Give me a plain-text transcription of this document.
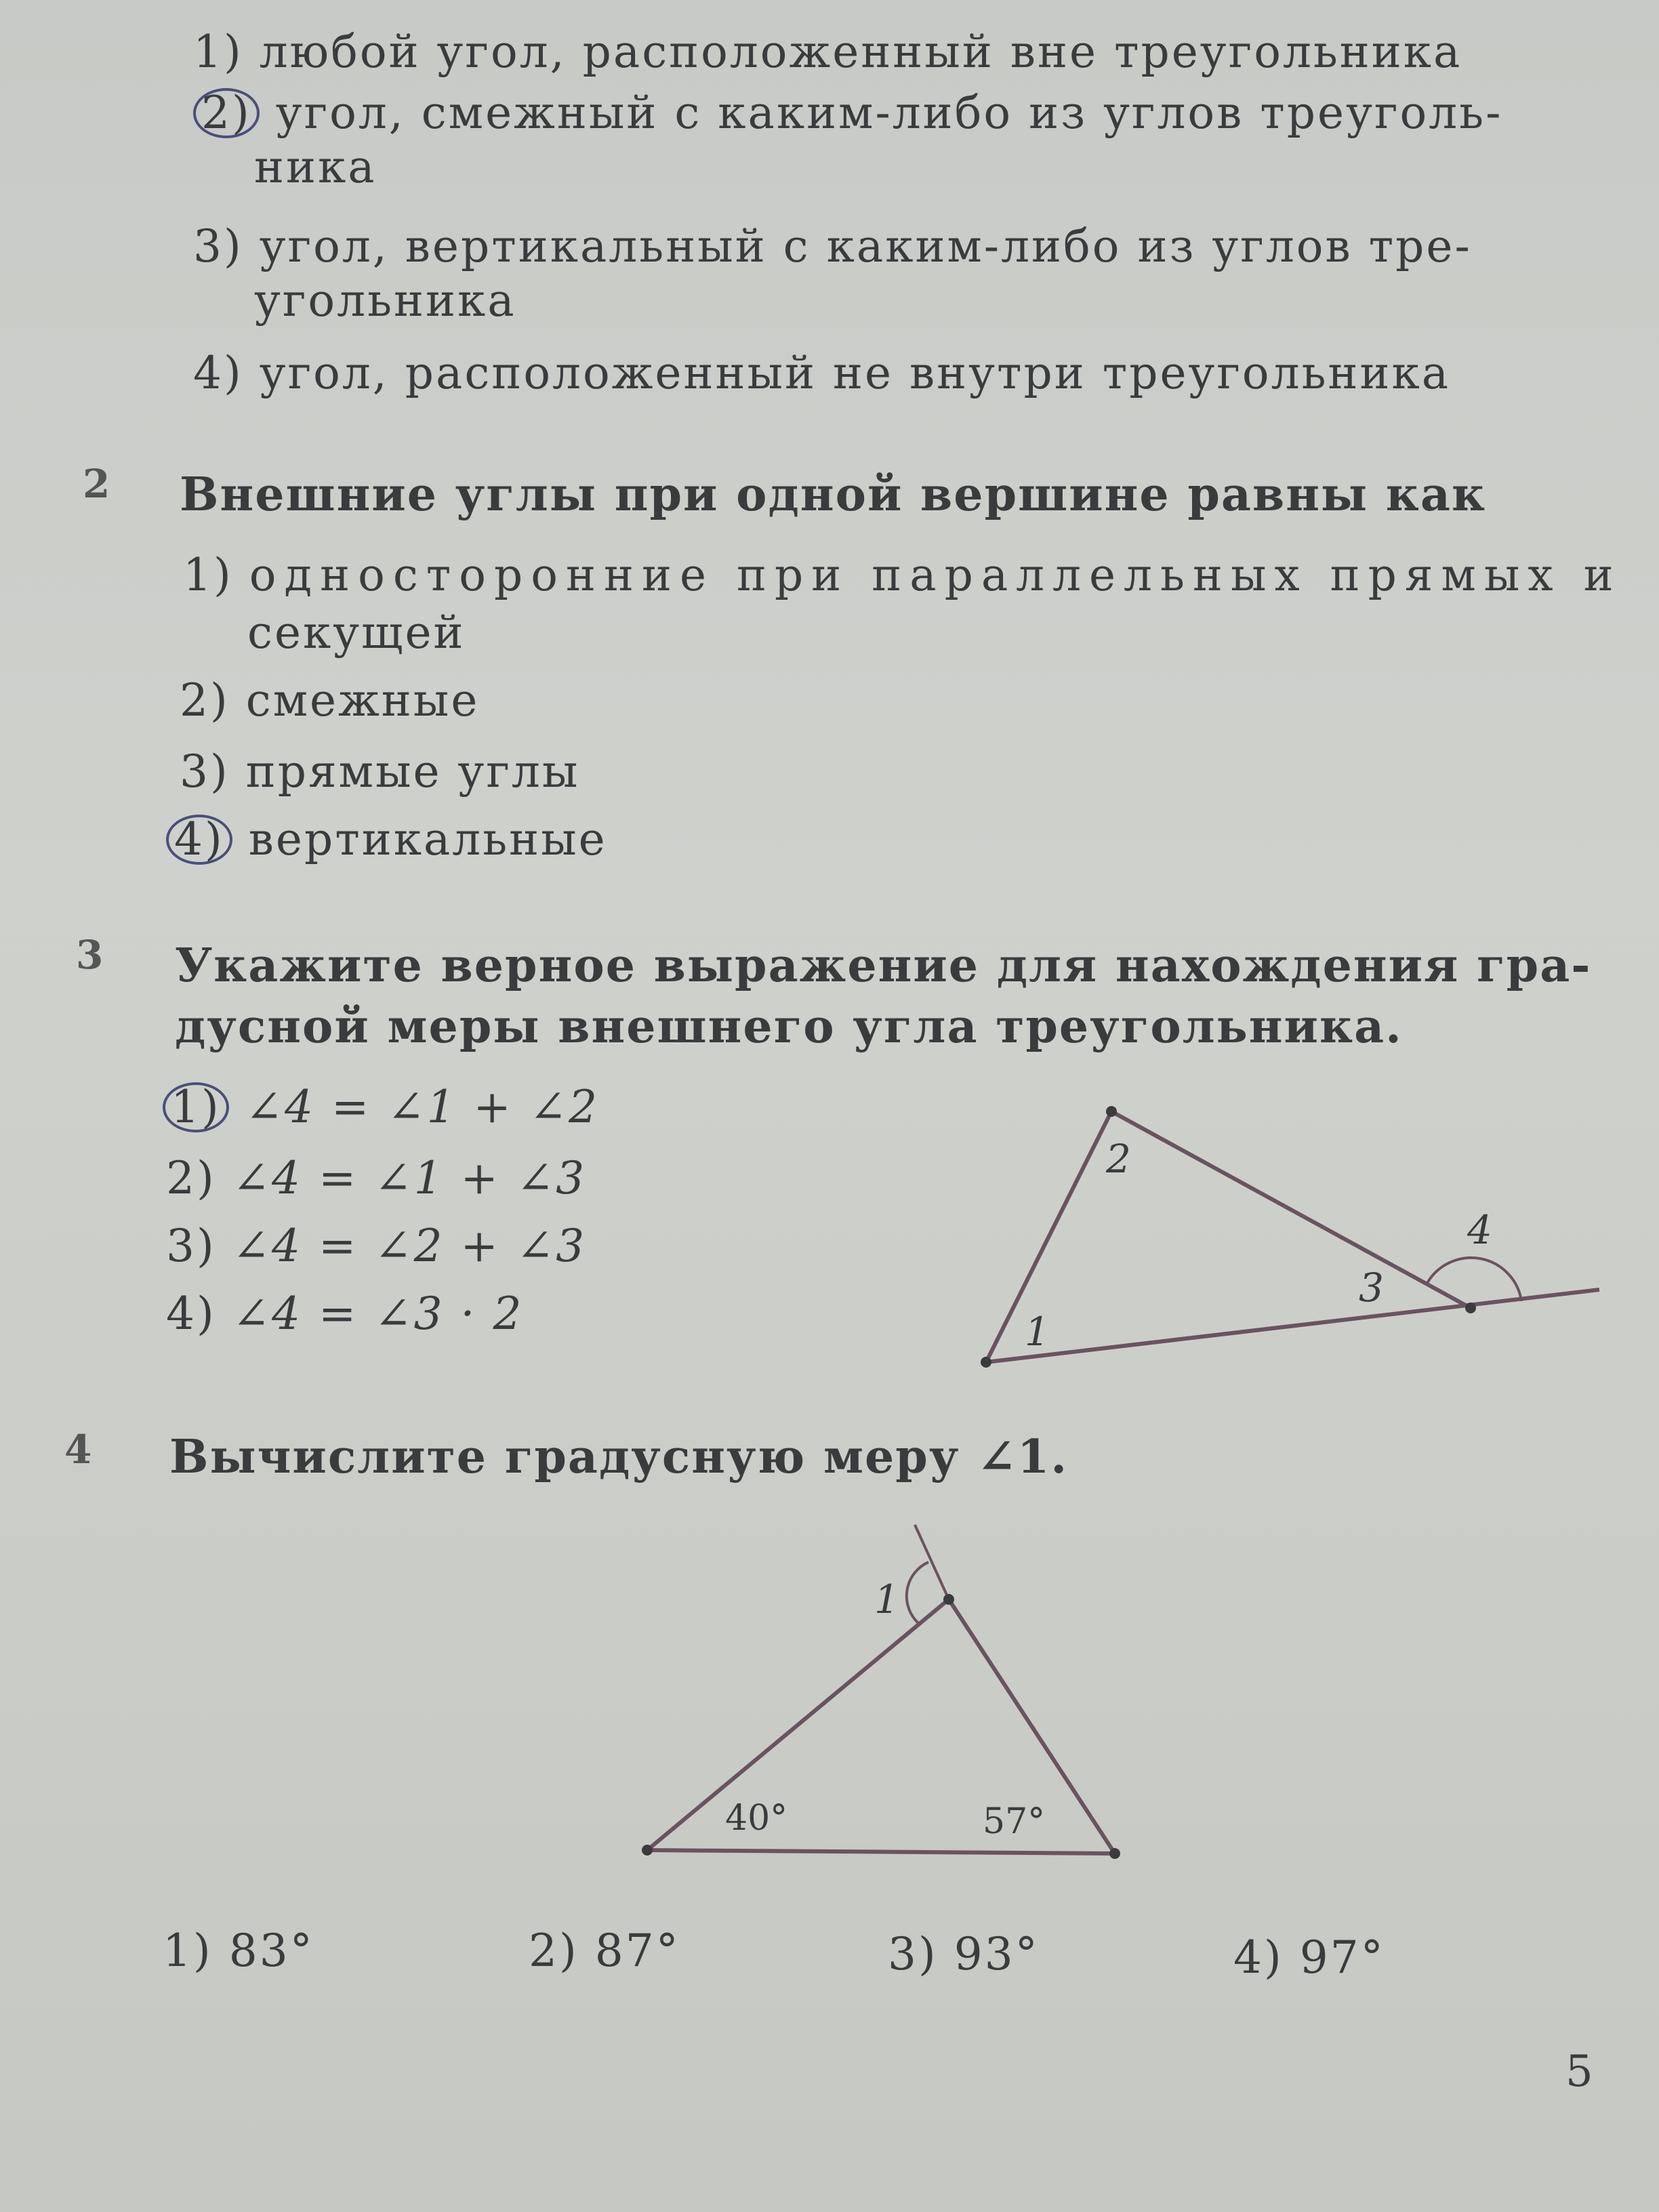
1) любой угол, расположенный вне треугольника
2) угол, смежный с каким-либо из углов треуголь-
ника
3) угол, вертикальный с каким-либо из углов тре-
угольника
4) угол, расположенный не внутри треугольника
2 Внешние углы при одной вершине равны как
1) односторонние при параллельных прямых и
секущей
2) смежные
3) прямые углы
4) вертикальные
3 Укажите верное выражение для нахождения гра-
дусной меры внешнего угла треугольника.
1) ∠4 = ∠1 + ∠2
2) ∠4 = ∠1 + ∠3
3) ∠4 = ∠2 + ∠3
4) ∠4 = ∠3 · 2	1
2
3
4
4 Вычислите градусную меру ∠1.
1
40°	57°
1) 83°	2) 87°	3) 93°	4) 97°
5
